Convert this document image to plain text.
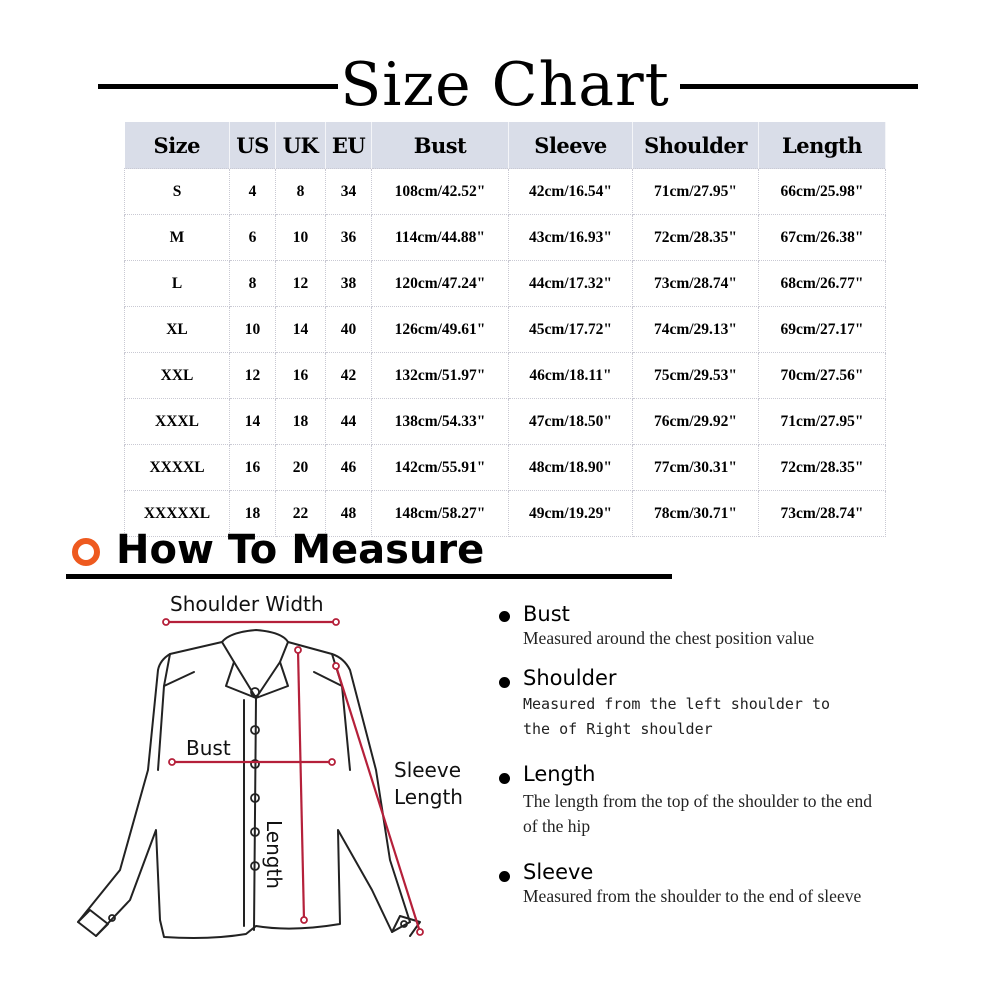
Size Chart
Size	US	UK	EU	Bust	Sleeve	Shoulder	Length
S	4	8	34	108cm/42.52"	42cm/16.54"	71cm/27.95"	66cm/25.98"
M	6	10	36	114cm/44.88"	43cm/16.93"	72cm/28.35"	67cm/26.38"
L	8	12	38	120cm/47.24"	44cm/17.32"	73cm/28.74"	68cm/26.77"
XL	10	14	40	126cm/49.61"	45cm/17.72"	74cm/29.13"	69cm/27.17"
XXL	12	16	42	132cm/51.97"	46cm/18.11"	75cm/29.53"	70cm/27.56"
XXXL	14	18	44	138cm/54.33"	47cm/18.50"	76cm/29.92"	71cm/27.95"
XXXXL	16	20	46	142cm/55.91"	48cm/18.90"	77cm/30.31"	72cm/28.35"
XXXXXL	18	22	48	148cm/58.27"	49cm/19.29"	78cm/30.71"	73cm/28.74"
How To Measure
Shoulder Width
Bust
Sleeve
Length
Length
Bust
Measured around the chest position value
Shoulder
Measured from the left shoulder to the of Right shoulder
Length
The length from the top of the shoulder to the end of the hip
Sleeve
Measured from the shoulder to the end of sleeve
